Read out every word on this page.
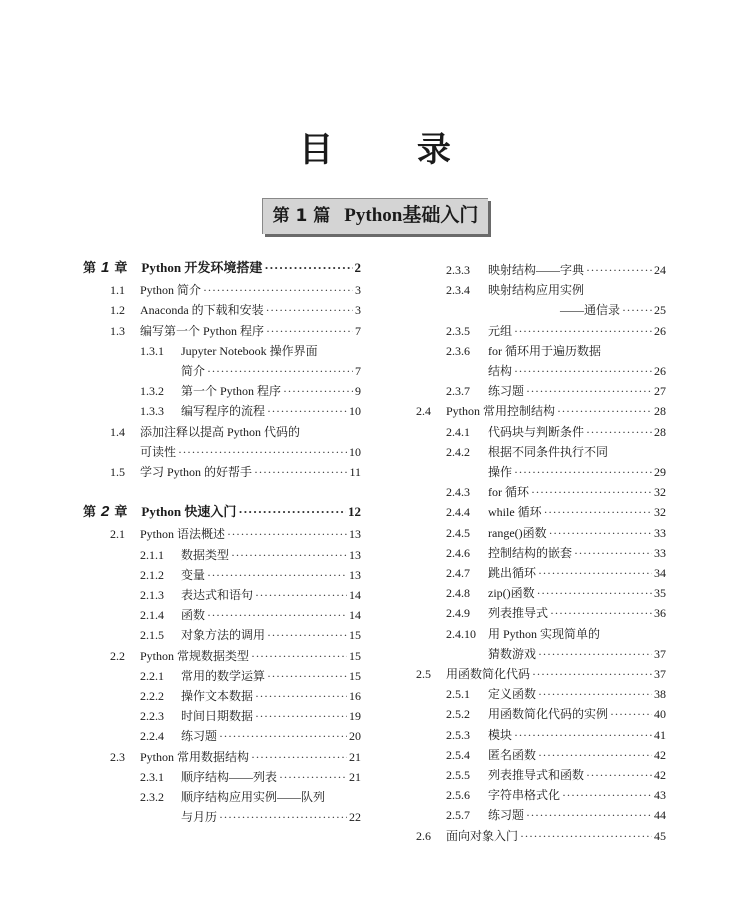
目 录
第 1 篇 Python基础入门
第 1 章 Python 开发环境搭建 ·····	2
1.1	Python 简介 ·····	3
1.2	Anaconda 的下载和安装 ·····	3
1.3	编写第一个 Python 程序 ·····	7
1.3.1	Jupyter Notebook 操作界面
简介 ·····	7
1.3.2	第一个 Python 程序 ·····	9
1.3.3	编写程序的流程 ·····	10
1.4	添加注释以提高 Python 代码的
可读性 ·····	10
1.5	学习 Python 的好帮手 ·····	11
第 2 章 Python 快速入门 ·····	12
2.1	Python 语法概述 ·····	13
2.1.1	数据类型 ·····	13
2.1.2	变量 ·····	13
2.1.3	表达式和语句 ·····	14
2.1.4	函数 ·····	14
2.1.5	对象方法的调用 ·····	15
2.2	Python 常规数据类型 ·····	15
2.2.1	常用的数学运算 ·····	15
2.2.2	操作文本数据 ·····	16
2.2.3	时间日期数据 ·····	19
2.2.4	练习题 ·····	20
2.3	Python 常用数据结构 ·····	21
2.3.1	顺序结构——列表 ·····	21
2.3.2	顺序结构应用实例——队列
与月历 ·····	22
2.3.3	映射结构——字典 ·····	24
2.3.4	映射结构应用实例
——通信录 ·····	25
2.3.5	元组 ·····	26
2.3.6	for 循环用于遍历数据
结构 ·····	26
2.3.7	练习题 ·····	27
2.4	Python 常用控制结构 ·····	28
2.4.1	代码块与判断条件 ·····	28
2.4.2	根据不同条件执行不同
操作 ·····	29
2.4.3	for 循环 ·····	32
2.4.4	while 循环 ·····	32
2.4.5	range()函数 ·····	33
2.4.6	控制结构的嵌套 ·····	33
2.4.7	跳出循环 ·····	34
2.4.8	zip()函数 ·····	35
2.4.9	列表推导式 ·····	36
2.4.10	用 Python 实现简单的
猜数游戏 ·····	37
2.5	用函数简化代码 ·····	37
2.5.1	定义函数 ·····	38
2.5.2	用函数简化代码的实例 ·····	40
2.5.3	模块 ·····	41
2.5.4	匿名函数 ·····	42
2.5.5	列表推导式和函数 ·····	42
2.5.6	字符串格式化 ·····	43
2.5.7	练习题 ·····	44
2.6	面向对象入门 ·····	45
